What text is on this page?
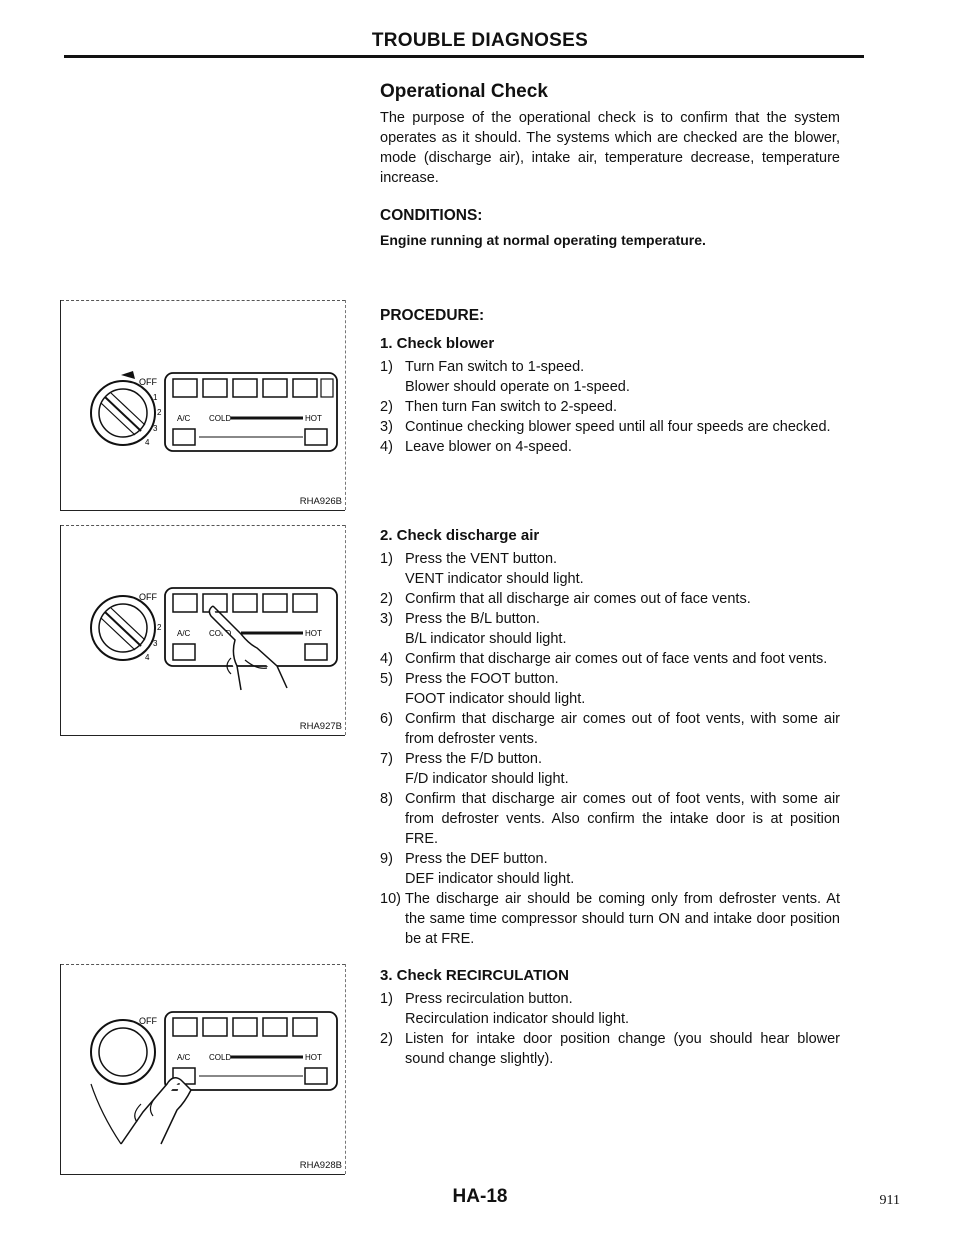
TROUBLE DIAGNOSES
Operational Check

The purpose of the operational check is to confirm that the system operates as it should. The systems which are checked are the blower, mode (discharge air), intake air, temperature decrease, temperature increase.

CONDITIONS:
Engine running at normal operating temperature.
PROCEDURE:
1. Check blower
1) Turn Fan switch to 1-speed.
Blower should operate on 1-speed.
2) Then turn Fan switch to 2-speed.
3) Continue checking blower speed until all four speeds are checked.
4) Leave blower on 4-speed.
2. Check discharge air
1) Press the VENT button.
VENT indicator should light.
2) Confirm that all discharge air comes out of face vents.
3) Press the B/L button.
B/L indicator should light.
4) Confirm that discharge air comes out of face vents and foot vents.
5) Press the FOOT button.
FOOT indicator should light.
6) Confirm that discharge air comes out of foot vents, with some air from defroster vents.
7) Press the F/D button.
F/D indicator should light.
8) Confirm that discharge air comes out of foot vents, with some air from defroster vents. Also confirm the intake door is at position FRE.
9) Press the DEF button.
DEF indicator should light.
10) The discharge air should be coming only from defroster vents. At the same time compressor should turn ON and intake door position be at FRE.
3. Check RECIRCULATION
1) Press recirculation button.
Recirculation indicator should light.
2) Listen for intake door position change (you should hear blower sound change slightly).
OFF
1
2
3
4
A/C COLD	HOT
RHA926B
OFF
2
3
4
A/C COLD	HOT
RHA927B
OFF
A/C COLD	HOT
RHA928B
HA-18	911
